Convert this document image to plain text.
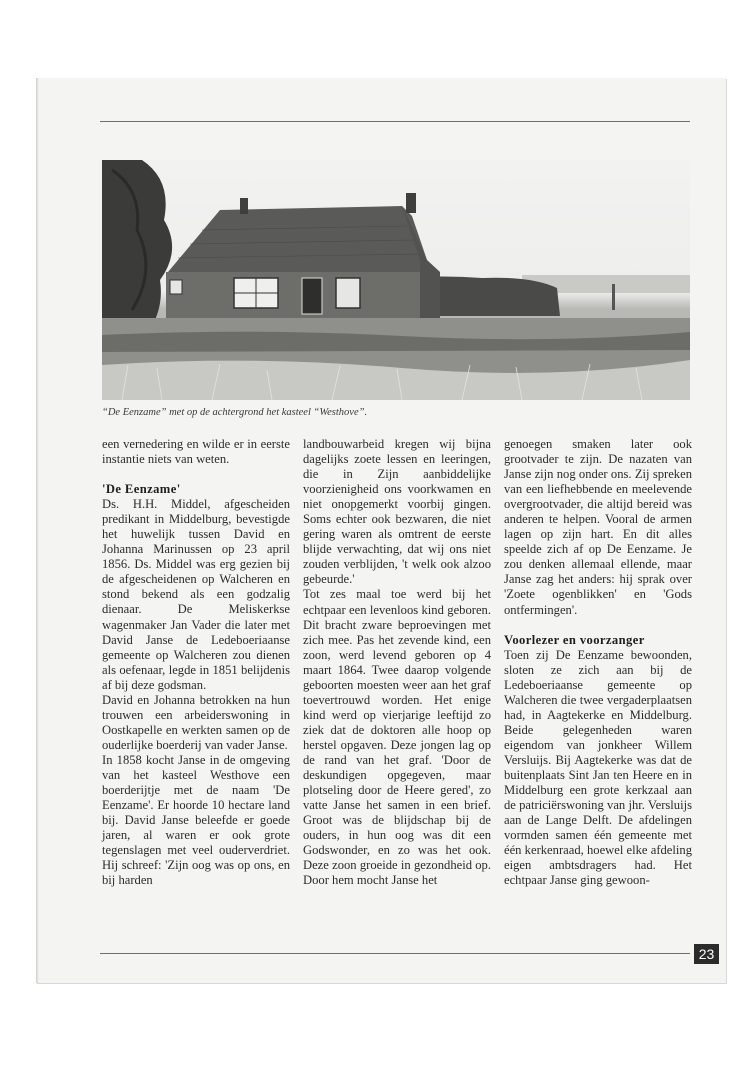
“De Eenzame” met op de achtergrond het kasteel “Westhove”.

een vernedering en wilde er in eerste instantie niets van weten.

'De Eenzame'

Ds. H.H. Middel, afgescheiden predikant in Middelburg, bevestigde het huwelijk tussen David en Johanna Marinussen op 23 april 1856. Ds. Middel was erg gezien bij de afgescheidenen op Walcheren en stond bekend als een godzalig dienaar. De Meliskerkse wagenmaker Jan Vader die later met David Janse de Ledeboeriaanse gemeente op Walcheren zou dienen als oefenaar, legde in 1851 belijdenis af bij deze godsman.

David en Johanna betrokken na hun trouwen een arbeiderswoning in Oostkapelle en werkten samen op de ouderlijke boerderij van vader Janse.

In 1858 kocht Janse in de omgeving van het kasteel Westhove een boerderijtje met de naam 'De Eenzame'. Er hoorde 10 hectare land bij. David Janse beleefde er goede jaren, al waren er ook grote tegenslagen met veel ouderverdriet. Hij schreef: 'Zijn oog was op ons, en bij harden

landbouwarbeid kregen wij bijna dagelijks zoete lessen en leeringen, die in Zijn aanbiddelijke voorzienigheid ons voorkwamen en niet onopgemerkt voorbij gingen. Soms echter ook bezwaren, die niet gering waren als omtrent de eerste blijde verwachting, dat wij ons niet zouden verblijden, 't welk ook alzoo gebeurde.'

Tot zes maal toe werd bij het echtpaar een levenloos kind geboren. Dit bracht zware beproevingen met zich mee. Pas het zevende kind, een zoon, werd levend geboren op 4 maart 1864. Twee daarop volgende geboorten moesten weer aan het graf toevertrouwd worden. Het enige kind werd op vierjarige leeftijd zo ziek dat de doktoren alle hoop op herstel opgaven. Deze jongen lag op de rand van het graf. 'Door de deskundigen opgegeven, maar plotseling door de Heere gered', zo vatte Janse het samen in een brief. Groot was de blijdschap bij de ouders, in hun oog was dit een Godswonder, en zo was het ook. Deze zoon groeide in gezondheid op. Door hem mocht Janse het

genoegen smaken later ook grootvader te zijn. De nazaten van Janse zijn nog onder ons. Zij spreken van een liefhebbende en meelevende overgrootvader, die altijd bereid was anderen te helpen. Vooral de armen lagen op zijn hart. En dit alles speelde zich af op De Eenzame. Je zou denken allemaal ellende, maar Janse zag het anders: hij sprak over 'Zoete ogenblikken' en 'Gods ontfermingen'.

Voorlezer en voorzanger

Toen zij De Eenzame bewoonden, sloten ze zich aan bij de Ledeboeriaanse gemeente op Walcheren die twee vergaderplaatsen had, in Aagtekerke en Middelburg. Beide gelegenheden waren eigendom van jonkheer Willem Versluijs. Bij Aagtekerke was dat de buitenplaats Sint Jan ten Heere en in Middelburg een grote kerkzaal aan de patriciërswoning van jhr. Versluijs aan de Lange Delft. De afdelingen vormden samen één gemeente met één kerkenraad, hoewel elke afdeling eigen ambtsdragers had. Het echtpaar Janse ging gewoon-

23
